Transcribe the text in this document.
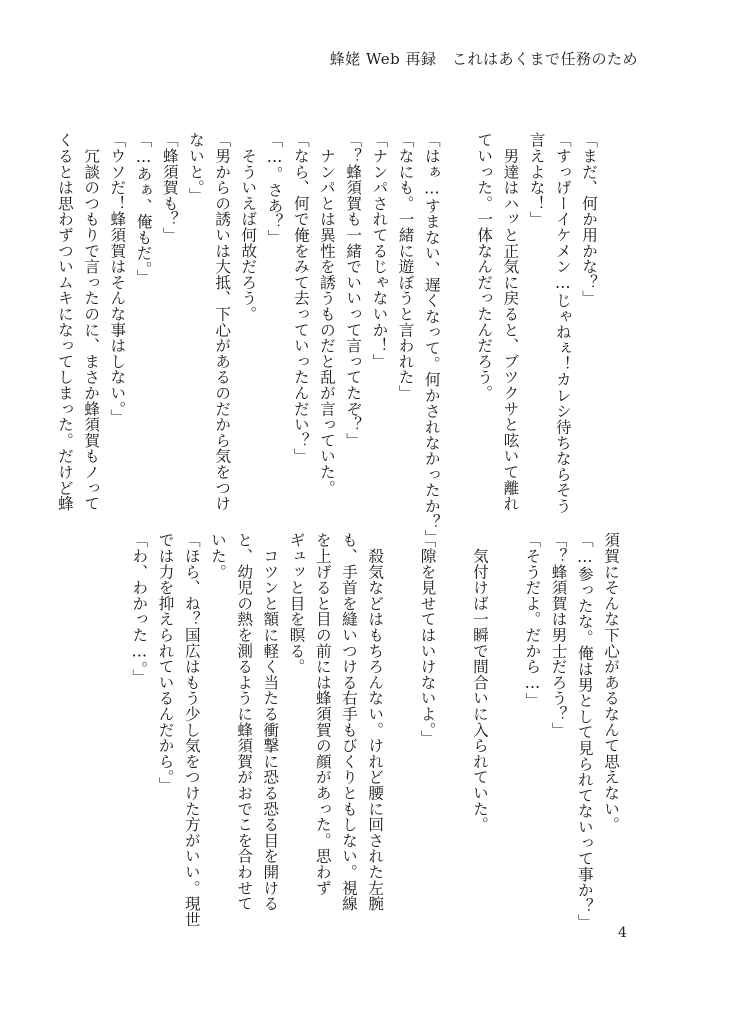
蜂姥 Web 再録　これはあくまで任務のため
「まだ、何か用かな？」
「すっげーイケメン…じゃねぇ！カレシ待ちならそう
言えよな！」
　男達はハッと正気に戻ると、ブツクサと呟いて離れ
ていった。一体なんだったんだろう。

「はぁ…すまない、遅くなって。何かされなかったか？」
「なにも。一緒に遊ぼうと言われた」
「ナンパされてるじゃないか！」
「？蜂須賀も一緒でいいって言ってたぞ？」
　ナンパとは異性を誘うものだと乱が言っていた。
「なら、何で俺をみて去っていったんだい？」
「…。さあ？」
　そういえば何故だろう。
「男からの誘いは大抵、下心があるのだから気をつけ
ないと。」
「蜂須賀も？」
「…あぁ、俺もだ。」
「ウソだ！蜂須賀はそんな事はしない。」
　冗談のつもりで言ったのに、まさか蜂須賀もノって
くるとは思わずついムキになってしまった。だけど蜂
須賀にそんな下心があるなんて思えない。
「…参ったな。俺は男として見られてないって事か？」
「？蜂須賀は男士だろう？」
「そうだよ。だから…」

　気付けば一瞬で間合いに入られていた。

「隙を見せてはいけないよ。」

　殺気などはもちろんない。けれど腰に回された左腕
も、手首を縫いつける右手もびくりともしない。視線
を上げると目の前には蜂須賀の顔があった。思わず
ギュッと目を瞑る。
　コツンと額に軽く当たる衝撃に恐る恐る目を開ける
と、幼児の熱を測るように蜂須賀がおでこを合わせて
いた。
「ほら、ね？国広はもう少し気をつけた方がいい。現世
では力を抑えられているんだから。」
「わ、わかった…。」
4
